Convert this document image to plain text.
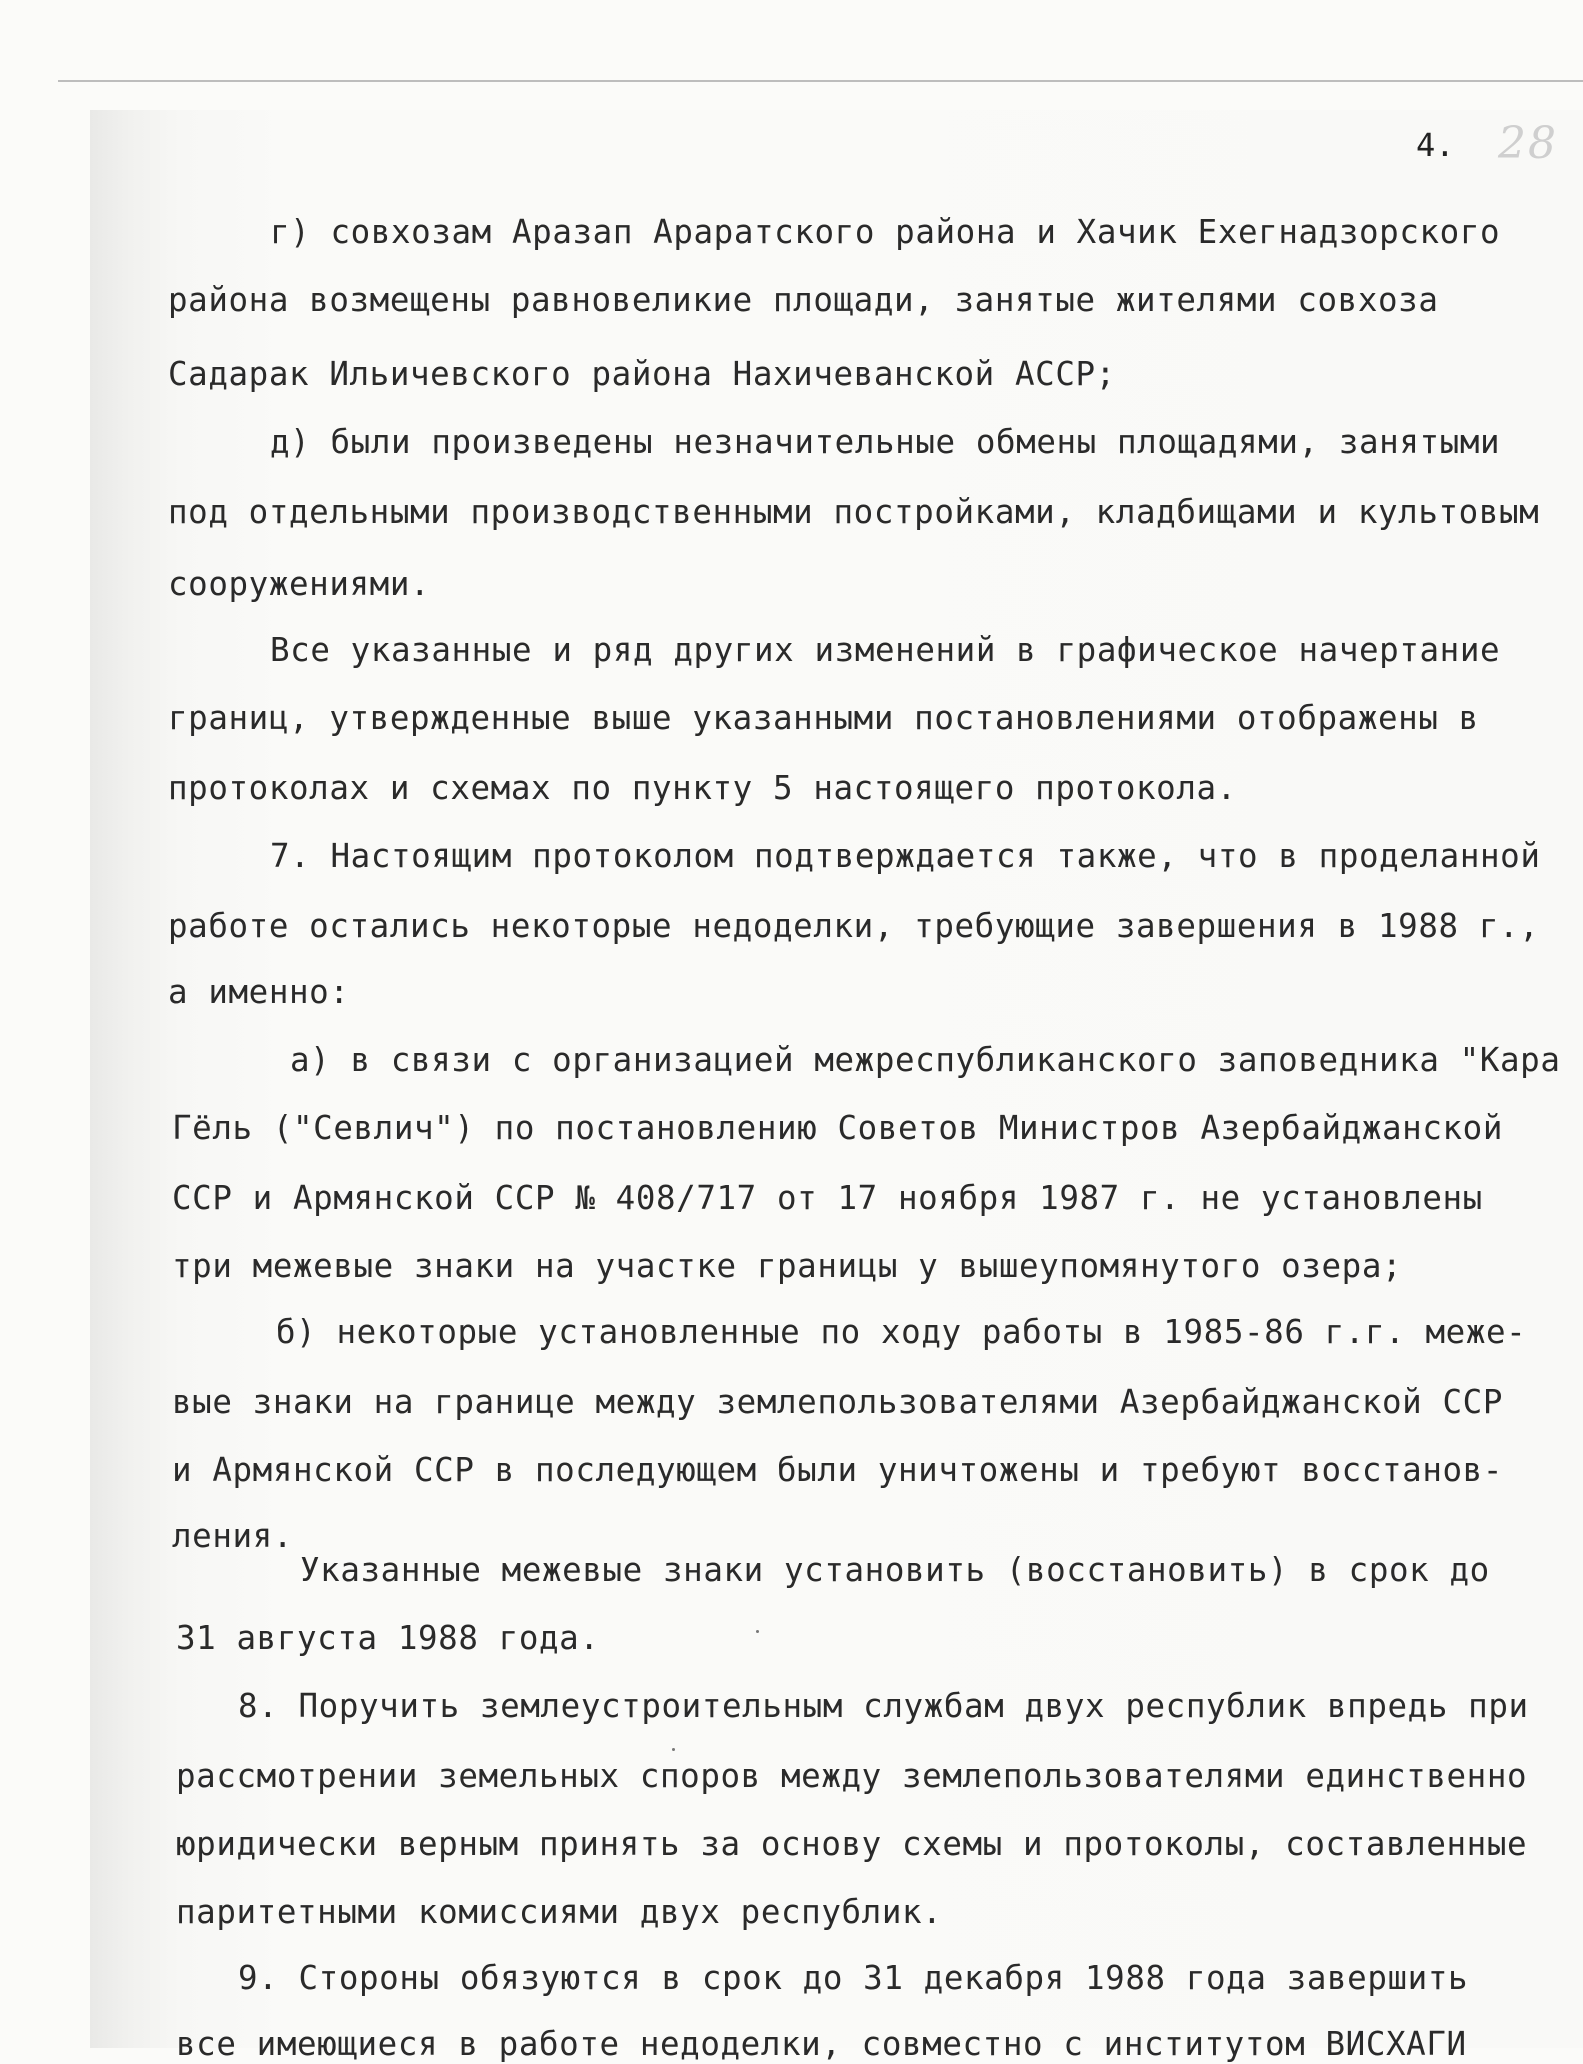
4. 28
г) совхозам Аразап Араратского района и Хачик Ехегнадзорского
района возмещены равновеликие площади, занятые жителями совхоза
Садарак Ильичевского района Нахичеванской АССР;
д) были произведены незначительные обмены площадями, занятыми
под отдельными производственными постройками, кладбищами и культовым
сооружениями.
Все указанные и ряд других изменений в графическое начертание
границ, утвержденные выше указанными постановлениями отображены в
протоколах и схемах по пункту 5 настоящего протокола.
7. Настоящим протоколом подтверждается также, что в проделанной
работе остались некоторые недоделки, требующие завершения в 1988 г.,
а именно:
а) в связи с организацией межреспубликанского заповедника "Кара
Гёль ("Севлич") по постановлению Советов Министров Азербайджанской
ССР и Армянской ССР № 408/717 от 17 ноября 1987 г. не установлены
три межевые знаки на участке границы у вышеупомянутого озера;
б) некоторые установленные по ходу работы в 1985-86 г.г. меже-
вые знаки на границе между землепользователями Азербайджанской ССР
и Армянской ССР в последующем были уничтожены и требуют восстанов-
ления.
Указанные межевые знаки установить (восстановить) в срок до
31 августа 1988 года.
8. Поручить землеустроительным службам двух республик впредь при
рассмотрении земельных споров между землепользователями единственно
юридически верным принять за основу схемы и протоколы, составленные
паритетными комиссиями двух республик.
9. Стороны обязуются в срок до 31 декабря 1988 года завершить
все имеющиеся в работе недоделки, совместно с институтом ВИСХАГИ
